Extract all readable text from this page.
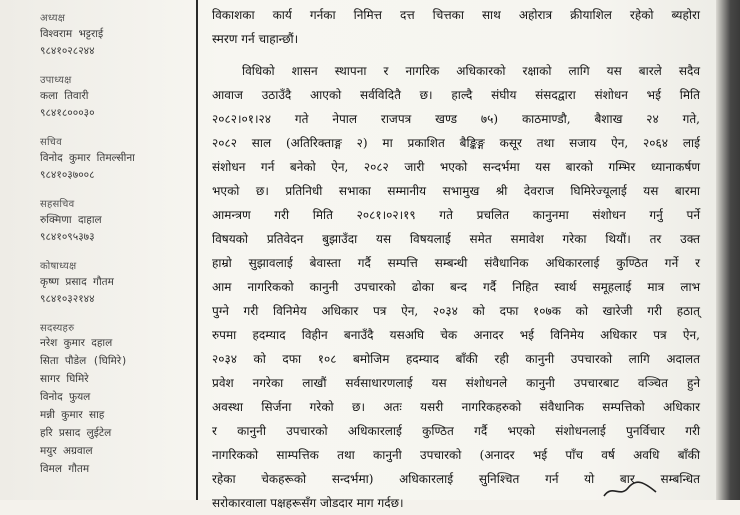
अध्यक्ष
विश्वराम भट्टराई
९८४१०२८२४४
उपाध्यक्ष
कला तिवारी
९८४१८०००३०
सचिव
विनोद कुमार तिमल्सीना
९८४१०३७००८
सहसचिव
रुक्मिणा दाहाल
९८४१०९५३७३
कोषाध्यक्ष
कृष्ण प्रसाद गौतम
९८४१०३२१४४
सदस्यहरु
नरेश कुमार दहाल
सिता पौडेल (घिमिरे)
सागर घिमिरे
विनोद फुयल
मन्नी कुमार साह
हरि प्रसाद लुईटेल
मयुर अग्रवाल
विमल गौतम
विकाशका कार्य गर्नका निमित्त दत्त चित्तका साथ अहोरात्र क्रीयाशिल रहेको ब्यहोरा
स्मरण गर्न चाहान्छौं।
विधिको शासन स्थापना र नागरिक अधिकारको रक्षाको लागि यस बारले सदैव
आवाज उठाउँदै आएको सर्वविदितै छ। हाल्दै संघीय संसदद्वारा संशोधन भई मिति
२०८२।०१।२४ गते नेपाल राजपत्र खण्ड ७५) काठमाण्डौ, बैशाख २४ गते,
२०८२ साल (अतिरिक्ताङ्ग २) मा प्रकाशित बैङ्किङ्ग कसूर तथा सजाय ऐन, २०६४ लाई
संशोधन गर्न बनेको ऐन, २०८२ जारी भएको सन्दर्भमा यस बारको गम्भिर ध्यानाकर्षण
भएको छ। प्रतिनिधी सभाका सम्मानीय सभामुख श्री देवराज घिमिरेज्यूलाई यस बारमा
आमन्त्रण गरी मिति २०८१।०२।१९ गते प्रचलित कानुनमा संशोधन गर्नु पर्ने
विषयको प्रतिवेदन बुझाउँदा यस विषयलाई समेत समावेश गरेका थियौं। तर उक्त
हाम्रो सुझावलाई बेवास्ता गर्दै सम्पत्ति सम्बन्धी संवैधानिक अधिकारलाई कुण्ठित गर्ने र
आम नागरिकको कानुनी उपचारको ढोका बन्द गर्दै निहित स्वार्थ समूहलाई मात्र लाभ
पुग्ने गरी विनिमेय अधिकार पत्र ऐन, २०३४ को दफा १०७क को खारेजी गरी हठात्
रुपमा हदम्याद विहीन बनाउँदै यसअघि चेक अनादर भई विनिमेय अधिकार पत्र ऐन,
२०३४ को दफा १०८ बमोजिम हदम्याद बाँकी रही कानुनी उपचारको लागि अदालत
प्रवेश नगरेका लाखौं सर्वसाधारणलाई यस संशोधनले कानुनी उपचारबाट वञ्चित हुने
अवस्था सिर्जना गरेको छ। अतः यसरी नागरिकहरुको संवैधानिक सम्पत्तिको अधिकार
र कानुनी उपचारको अधिकारलाई कुण्ठित गर्दै भएको संशोधनलाई पुनर्विचार गरी
नागरिकको साम्पत्तिक तथा कानुनी उपचारको (अनादर भई पाँच वर्ष अवधि बाँकी
रहेका चेकहरूको सन्दर्भमा) अधिकारलाई सुनिश्चित गर्न यो बार सम्बन्धित
सरोकारवाला पक्षहरूसँग जोडदार माग गर्दछ।
